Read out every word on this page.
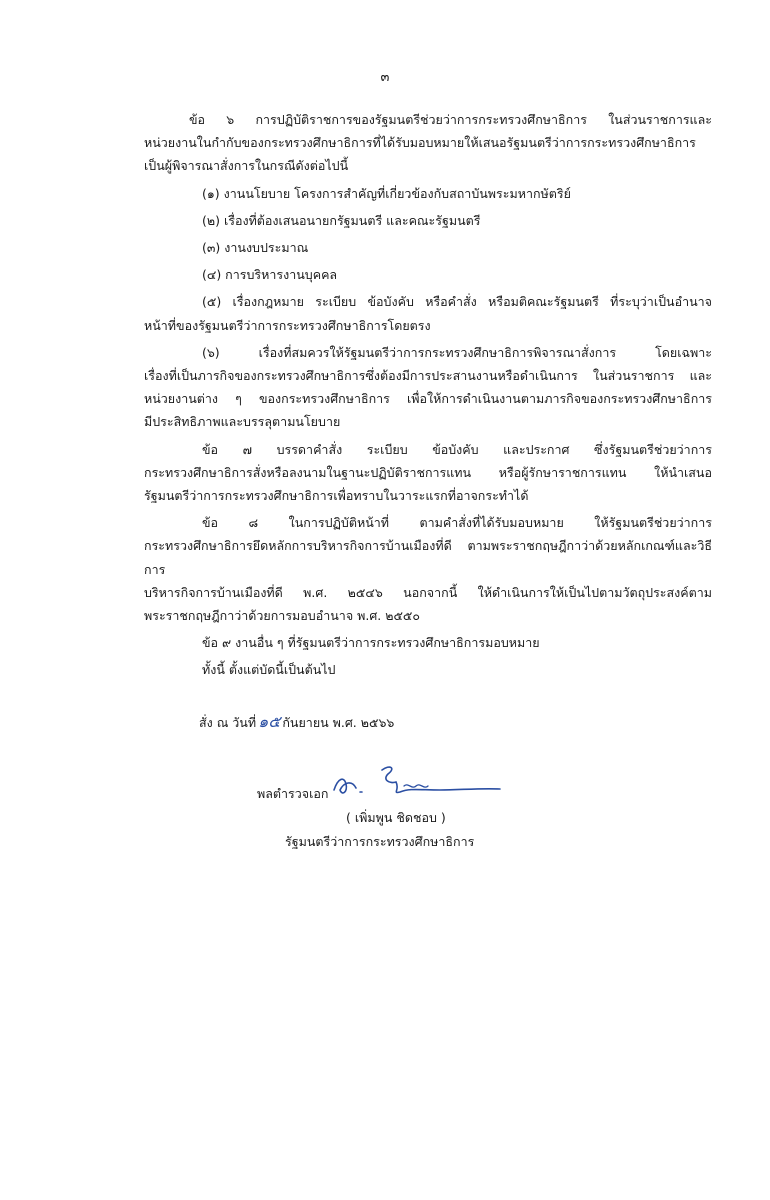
๓
ข้อ ๖ การปฏิบัติราชการของรัฐมนตรีช่วยว่าการกระทรวงศึกษาธิการ ในส่วนราชการและ
หน่วยงานในกำกับของกระทรวงศึกษาธิการที่ได้รับมอบหมายให้เสนอรัฐมนตรีว่าการกระทรวงศึกษาธิการ
เป็นผู้พิจารณาสั่งการในกรณีดังต่อไปนี้
(๑) งานนโยบาย โครงการสำคัญที่เกี่ยวข้องกับสถาบันพระมหากษัตริย์
(๒) เรื่องที่ต้องเสนอนายกรัฐมนตรี และคณะรัฐมนตรี
(๓) งานงบประมาณ
(๔) การบริหารงานบุคคล
(๕) เรื่องกฎหมาย ระเบียบ ข้อบังคับ หรือคำสั่ง หรือมติคณะรัฐมนตรี ที่ระบุว่าเป็นอำนาจ
หน้าที่ของรัฐมนตรีว่าการกระทรวงศึกษาธิการโดยตรง
(๖) เรื่องที่สมควรให้รัฐมนตรีว่าการกระทรวงศึกษาธิการพิจารณาสั่งการ โดยเฉพาะ
เรื่องที่เป็นภารกิจของกระทรวงศึกษาธิการซึ่งต้องมีการประสานงานหรือดำเนินการ ในส่วนราชการ และ
หน่วยงานต่าง ๆ ของกระทรวงศึกษาธิการ เพื่อให้การดำเนินงานตามภารกิจของกระทรวงศึกษาธิการ
มีประสิทธิภาพและบรรลุตามนโยบาย
ข้อ ๗ บรรดาคำสั่ง ระเบียบ ข้อบังคับ และประกาศ ซึ่งรัฐมนตรีช่วยว่าการ
กระทรวงศึกษาธิการสั่งหรือลงนามในฐานะปฏิบัติราชการแทน หรือผู้รักษาราชการแทน ให้นำเสนอ
รัฐมนตรีว่าการกระทรวงศึกษาธิการเพื่อทราบในวาระแรกที่อาจกระทำได้
ข้อ ๘ ในการปฏิบัติหน้าที่ ตามคำสั่งที่ได้รับมอบหมาย ให้รัฐมนตรีช่วยว่าการ
กระทรวงศึกษาธิการยึดหลักการบริหารกิจการบ้านเมืองที่ดี ตามพระราชกฤษฎีกาว่าด้วยหลักเกณฑ์และวิธีการ
บริหารกิจการบ้านเมืองที่ดี พ.ศ. ๒๕๔๖ นอกจากนี้ ให้ดำเนินการให้เป็นไปตามวัตถุประสงค์ตาม
พระราชกฤษฎีกาว่าด้วยการมอบอำนาจ พ.ศ. ๒๕๕๐
ข้อ ๙ งานอื่น ๆ ที่รัฐมนตรีว่าการกระทรวงศึกษาธิการมอบหมาย
ทั้งนี้ ตั้งแต่บัดนี้เป็นต้นไป
สั่ง ณ วันที่ ๑๕ กันยายน พ.ศ. ๒๕๖๖
พลตำรวจเอก
( เพิ่มพูน ชิดชอบ )
รัฐมนตรีว่าการกระทรวงศึกษาธิการ
